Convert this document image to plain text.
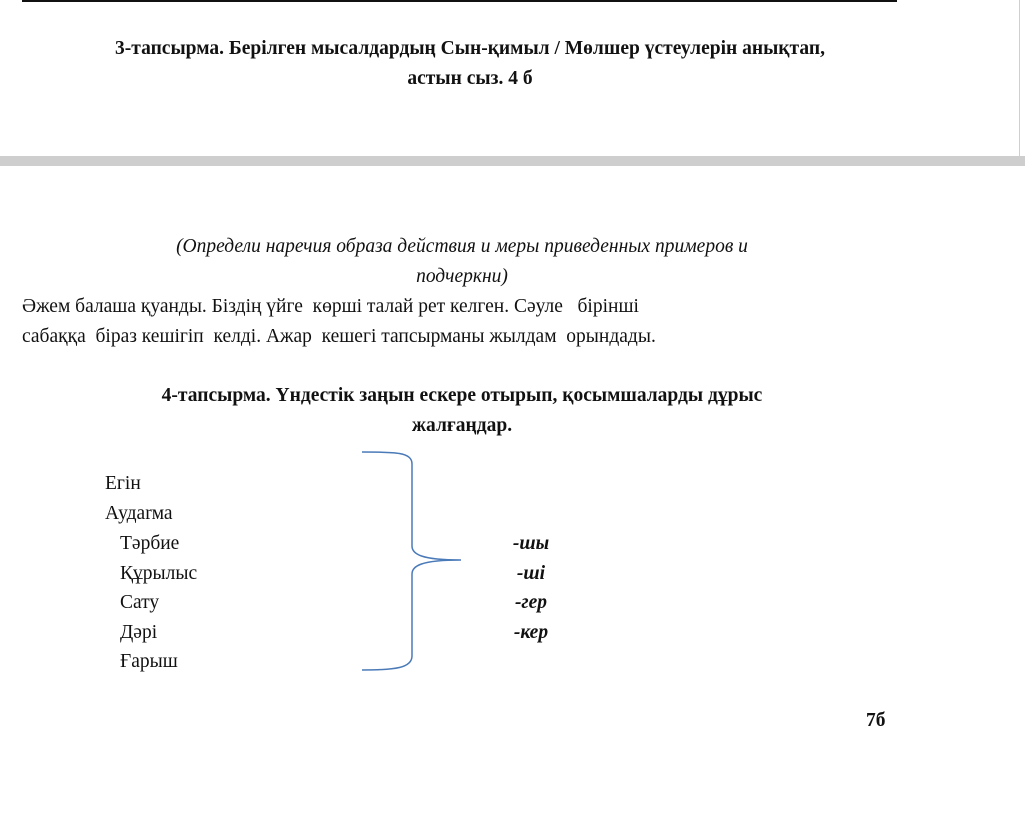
3-тапсырма. Берілген мысалдардың Сын-қимыл / Мөлшер үстеулерін анықтап,
астын сыз. 4 б
(Определи наречия образа действия и меры приведенных примеров и
подчеркни)
Әжем балаша қуанды. Біздің үйге  көрші талай рет келген. Сәуле   бірінші
сабаққа  біраз кешігіп  келді. Ажар  кешегі тапсырманы жылдам  орындады.
4-тапсырма. Үндестік заңын ескере отырып, қосымшаларды дұрыс
жалғаңдар.
Егін
Аудarма
Тәрбие
Құрылыс
Сату
Дәрі
Ғарыш
-шы
-ші
-гер
-кер
7б
